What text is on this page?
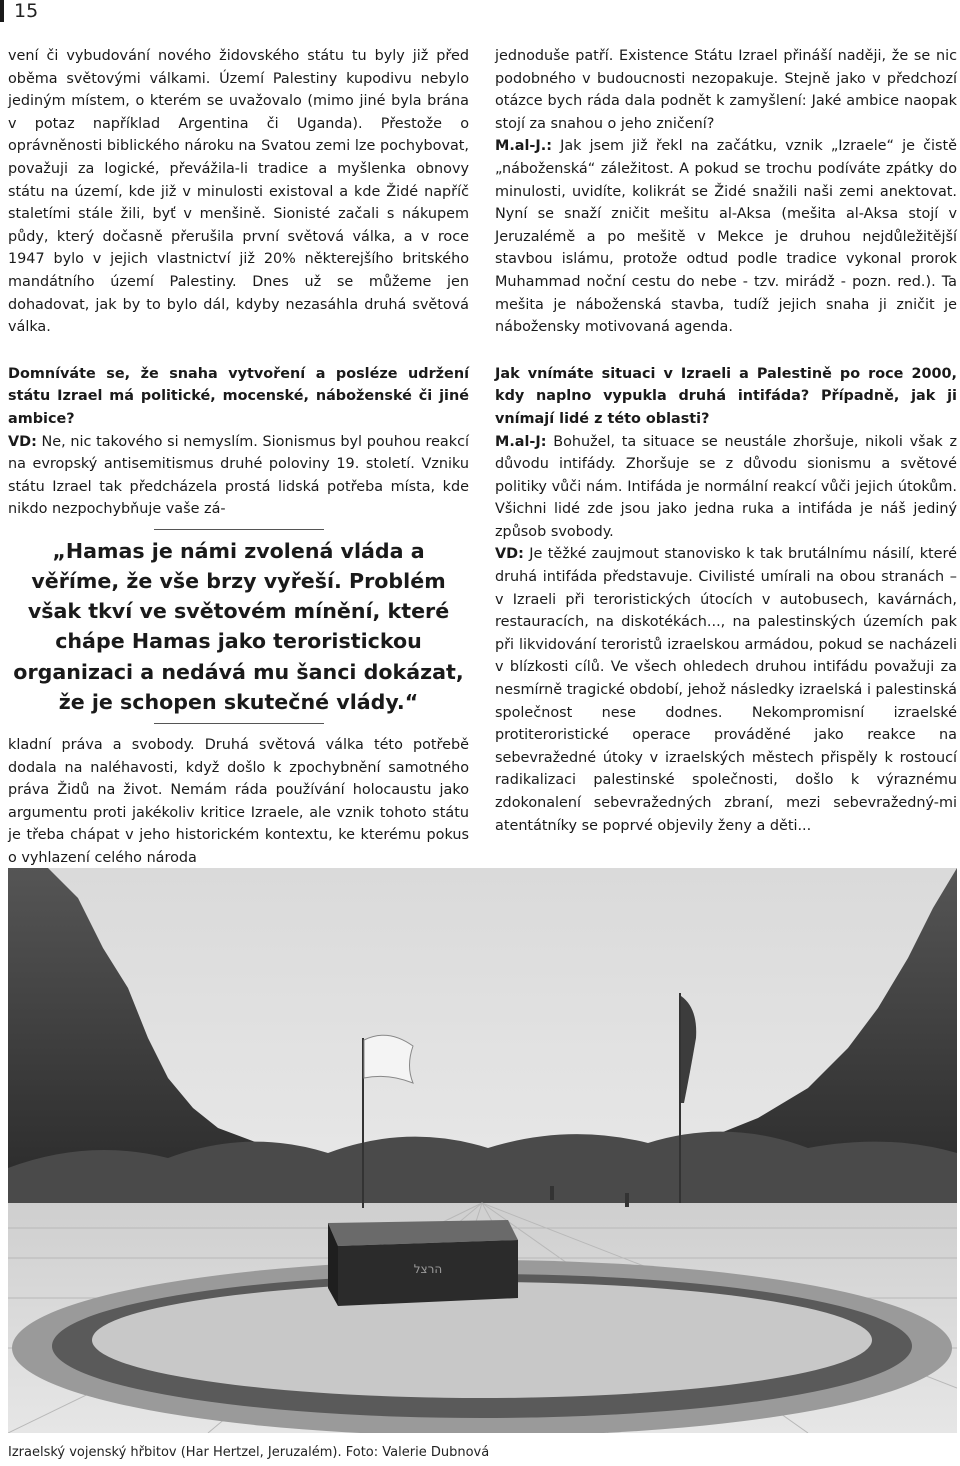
15

vení či vybudování nového židovského státu tu byly již před oběma světovými válkami. Území Palestiny kupodivu nebylo jediným místem, o kterém se uvažovalo (mimo jiné byla brána v potaz například Argentina či Uganda). Přestože o oprávněnosti biblického nároku na Svatou zemi lze pochybovat, považuji za logické, převážila-li tradice a myšlenka obnovy státu na území, kde již v minulosti existoval a kde Židé napříč staletími stále žili, byť v menšině. Sionisté začali s nákupem půdy, který dočasně přerušila první světová válka, a v roce 1947 bylo v jejich vlastnictví již 20% některejšího britského mandátního území Palestiny. Dnes už se můžeme jen dohadovat, jak by to bylo dál, kdyby nezasáhla druhá světová válka.

Domníváte se, že snaha vytvoření a posléze udržení státu Izrael má politické, mocenské, náboženské či jiné ambice?

VD: Ne, nic takového si nemyslím. Sionismus byl pouhou reakcí na evropský antisemitismus druhé poloviny 19. století. Vzniku státu Izrael tak předcházela prostá lidská potřeba místa, kde nikdo nezpochybňuje vaše zá-

„Hamas je námi zvolená vláda a věříme, že vše brzy vyřeší. Problém však tkví ve světovém mínění, které chápe Hamas jako teroristickou organizaci a nedává mu šanci dokázat, že je schopen skutečné vlády.“

kladní práva a svobody. Druhá světová válka této potřebě dodala na naléhavosti, když došlo k zpochybnění samotného práva Židů na život. Nemám ráda používání holocaustu jako argumentu proti jakékoliv kritice Izraele, ale vznik tohoto státu je třeba chápat v jeho historickém kontextu, ke kterému pokus o vyhlazení celého národa

jednoduše patří. Existence Státu Izrael přináší naději, že se nic podobného v budoucnosti nezopakuje. Stejně jako v předchozí otázce bych ráda dala podnět k zamyšlení: Jaké ambice naopak stojí za snahou o jeho zničení?

M.al-J.: Jak jsem již řekl na začátku, vznik „Izraele“ je čistě „náboženská“ záležitost. A pokud se trochu podíváte zpátky do minulosti, uvidíte, kolikrát se Židé snažili naši zemi anektovat. Nyní se snaží zničit mešitu al-Aksa (mešita al-Aksa stojí v Jeruzalémě a po mešitě v Mekce je druhou nejdůležitější stavbou islámu, protože odtud podle tradice vykonal prorok Muhammad noční cestu do nebe - tzv. mirádž - pozn. red.). Ta mešita je náboženská stavba, tudíž jejich snaha ji zničit je nábožensky motivovaná agenda.

Jak vnímáte situaci v Izraeli a Palestině po roce 2000, kdy naplno vypukla druhá intifáda? Případně, jak ji vnímají lidé z této oblasti?

M.al-J: Bohužel, ta situace se neustále zhoršuje, nikoli však z důvodu intifády. Zhoršuje se z důvodu sionismu a světové politiky vůči nám. Intifáda je normální reakcí vůči jejich útokům. Všichni lidé zde jsou jako jedna ruka a intifáda je náš jediný způsob svobody.

VD: Je těžké zaujmout stanovisko k tak brutálnímu násilí, které druhá intifáda představuje. Civilisté umírali na obou stranách – v Izraeli při teroristických útocích v autobusech, kavárnách, restauracích, na diskotékách..., na palestinských územích pak při likvidování teroristů izraelskou armádou, pokud se nacházeli v blízkosti cílů. Ve všech ohledech druhou intifádu považuji za nesmírně tragické období, jehož následky izraelská i palestinská společnost nese dodnes. Nekompromisní izraelské protiteroristické operace prováděné jako reakce na sebevražedné útoky v izraelských městech přispěly k rostoucí radikalizaci palestinské společnosti, došlo k výraznému zdokonalení sebevražedných zbraní, mezi sebevražedný-mi atentátníky se poprvé objevily ženy a děti...

הרצל
Izraelský vojenský hřbitov (Har Hertzel, Jeruzalém). Foto: Valerie Dubnová
